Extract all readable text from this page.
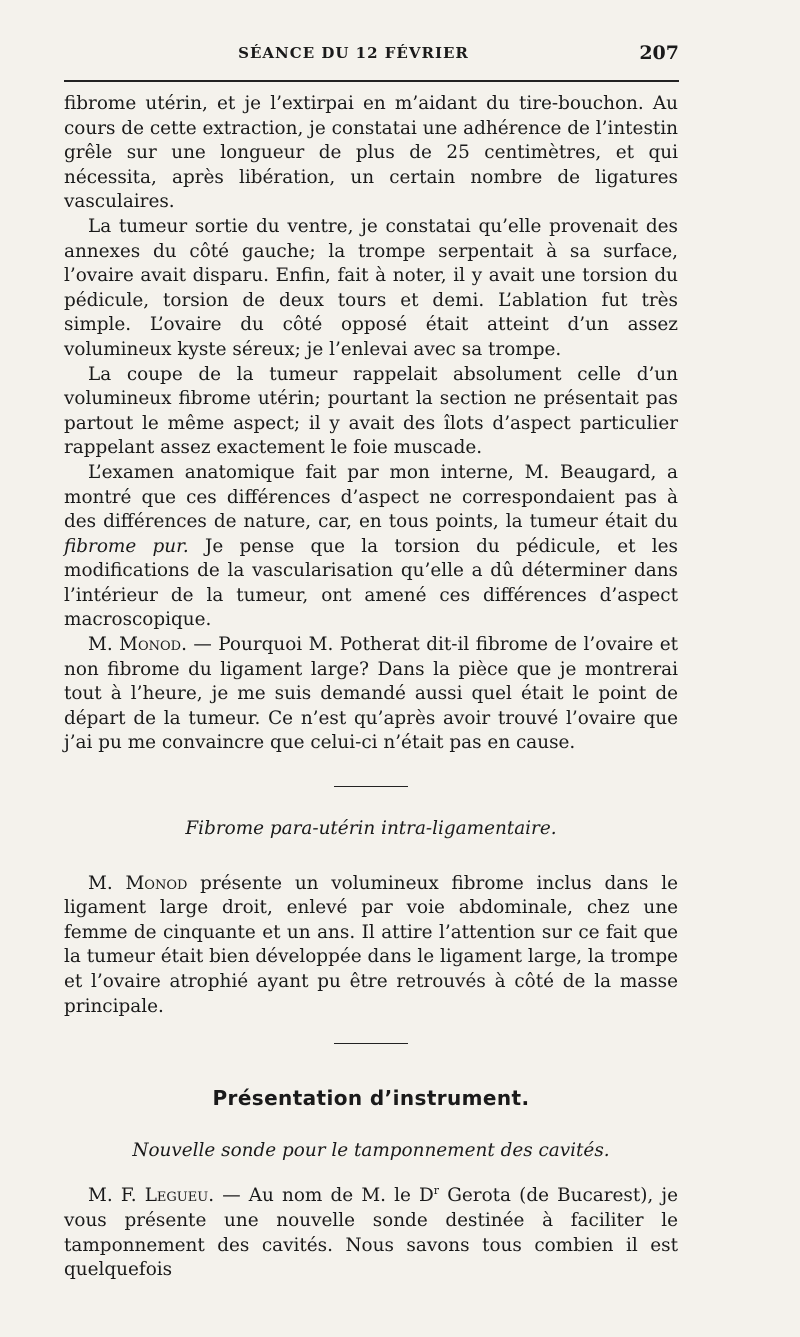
SÉANCE DU 12 FÉVRIER	207

fibrome utérin, et je l’extirpai en m’aidant du tire-bouchon. Au cours de cette extraction, je constatai une adhérence de l’intestin grêle sur une longueur de plus de 25 centimètres, et qui nécessita, après libération, un certain nombre de ligatures vasculaires.

La tumeur sortie du ventre, je constatai qu’elle provenait des annexes du côté gauche; la trompe serpentait à sa surface, l’ovaire avait disparu. Enfin, fait à noter, il y avait une torsion du pédicule, torsion de deux tours et demi. L’ablation fut très simple. L’ovaire du côté opposé était atteint d’un assez volumineux kyste séreux; je l’enlevai avec sa trompe.

La coupe de la tumeur rappelait absolument celle d’un volumineux fibrome utérin; pourtant la section ne présentait pas partout le même aspect; il y avait des îlots d’aspect particulier rappelant assez exactement le foie muscade.

L’examen anatomique fait par mon interne, M. Beaugard, a montré que ces différences d’aspect ne correspondaient pas à des différences de nature, car, en tous points, la tumeur était du fibrome pur. Je pense que la torsion du pédicule, et les modifications de la vascularisation qu’elle a dû déterminer dans l’intérieur de la tumeur, ont amené ces différences d’aspect macroscopique.

M. Monod. — Pourquoi M. Potherat dit-il fibrome de l’ovaire et non fibrome du ligament large? Dans la pièce que je montrerai tout à l’heure, je me suis demandé aussi quel était le point de départ de la tumeur. Ce n’est qu’après avoir trouvé l’ovaire que j’ai pu me convaincre que celui-ci n’était pas en cause.

Fibrome para-utérin intra-ligamentaire.

M. Monod présente un volumineux fibrome inclus dans le ligament large droit, enlevé par voie abdominale, chez une femme de cinquante et un ans. Il attire l’attention sur ce fait que la tumeur était bien développée dans le ligament large, la trompe et l’ovaire atrophié ayant pu être retrouvés à côté de la masse principale.

Présentation d’instrument.

Nouvelle sonde pour le tamponnement des cavités.

M. F. Legueu. — Au nom de M. le $D^r$ Gerota (de Bucarest), je vous présente une nouvelle sonde destinée à faciliter le tamponnement des cavités. Nous savons tous combien il est quelquefois
